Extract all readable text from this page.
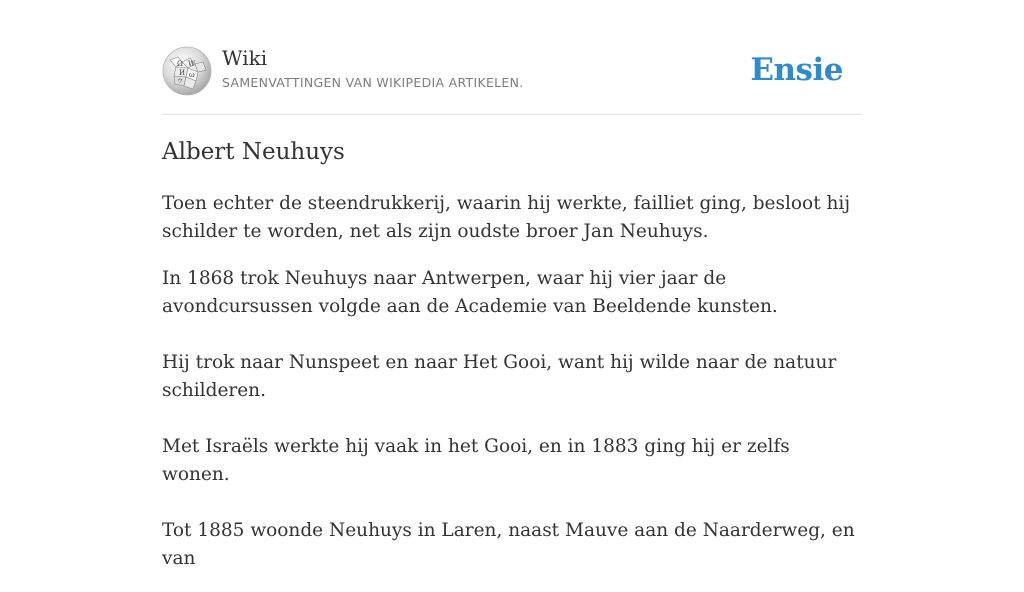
Ω W
И ω
ウ
Wiki
SAMENVATTINGEN VAN WIKIPEDIA ARTIKELEN.	Ensie
Albert Neuhuys

Toen echter de steendrukkerij, waarin hij werkte, failliet ging, besloot hij schilder te worden, net als zijn oudste broer Jan Neuhuys.

In 1868 trok Neuhuys naar Antwerpen, waar hij vier jaar de avondcursussen volgde aan de Academie van Beeldende kunsten.

Hij trok naar Nunspeet en naar Het Gooi, want hij wilde naar de natuur schilderen.

Met Israëls werkte hij vaak in het Gooi, en in 1883 ging hij er zelfs wonen.

Tot 1885 woonde Neuhuys in Laren, naast Mauve aan de Naarderweg, en van
